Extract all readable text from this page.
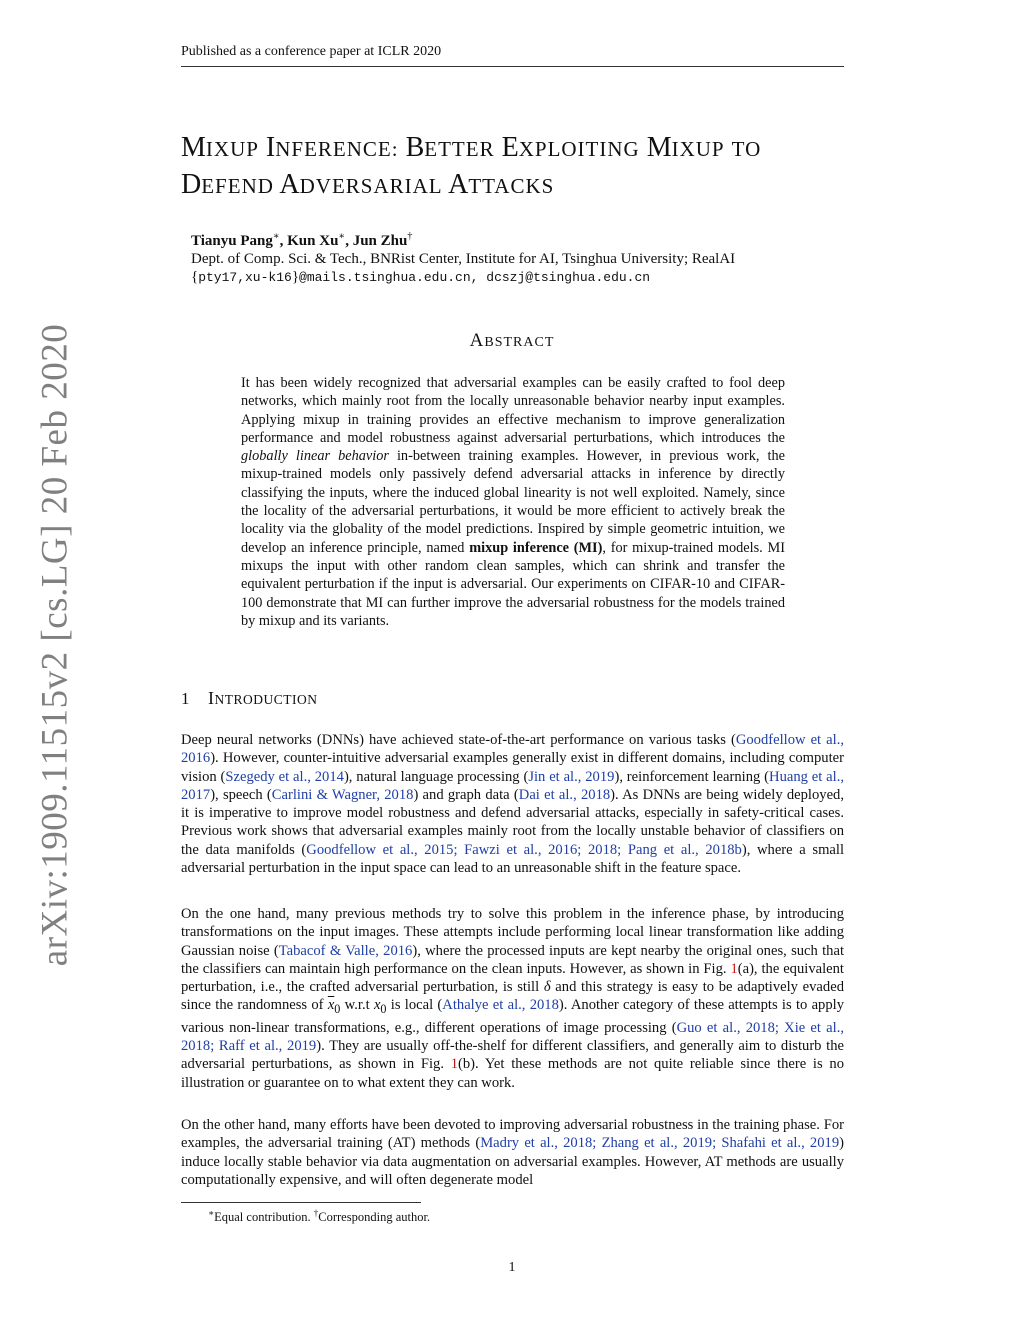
Published as a conference paper at ICLR 2020
arXiv:1909.11515v2 [cs.LG] 20 Feb 2020
MIXUP INFERENCE: BETTER EXPLOITING MIXUP TO
DEFEND ADVERSARIAL ATTACKS
Tianyu Pang∗, Kun Xu∗, Jun Zhu†
Dept. of Comp. Sci. & Tech., BNRist Center, Institute for AI, Tsinghua University; RealAI
{pty17,xu-k16}@mails.tsinghua.edu.cn, dcszj@tsinghua.edu.cn
ABSTRACT
It has been widely recognized that adversarial examples can be easily crafted to fool deep networks, which mainly root from the locally unreasonable behavior nearby input examples. Applying mixup in training provides an effective mechanism to improve generalization performance and model robustness against adversarial perturbations, which introduces the globally linear behavior in-between training examples. However, in previous work, the mixup-trained models only passively defend adversarial attacks in inference by directly classifying the inputs, where the induced global linearity is not well exploited. Namely, since the locality of the adversarial perturbations, it would be more efficient to actively break the locality via the globality of the model predictions. Inspired by simple geometric intuition, we develop an inference principle, named mixup inference (MI), for mixup-trained models. MI mixups the input with other random clean samples, which can shrink and transfer the equivalent perturbation if the input is adversarial. Our experiments on CIFAR-10 and CIFAR-100 demonstrate that MI can further improve the adversarial robustness for the models trained by mixup and its variants.
1 INTRODUCTION
Deep neural networks (DNNs) have achieved state-of-the-art performance on various tasks (Goodfellow et al., 2016). However, counter-intuitive adversarial examples generally exist in different domains, including computer vision (Szegedy et al., 2014), natural language processing (Jin et al., 2019), reinforcement learning (Huang et al., 2017), speech (Carlini & Wagner, 2018) and graph data (Dai et al., 2018). As DNNs are being widely deployed, it is imperative to improve model robustness and defend adversarial attacks, especially in safety-critical cases. Previous work shows that adversarial examples mainly root from the locally unstable behavior of classifiers on the data manifolds (Goodfellow et al., 2015; Fawzi et al., 2016; 2018; Pang et al., 2018b), where a small adversarial perturbation in the input space can lead to an unreasonable shift in the feature space.
On the one hand, many previous methods try to solve this problem in the inference phase, by introducing transformations on the input images. These attempts include performing local linear transformation like adding Gaussian noise (Tabacof & Valle, 2016), where the processed inputs are kept nearby the original ones, such that the classifiers can maintain high performance on the clean inputs. However, as shown in Fig. 1(a), the equivalent perturbation, i.e., the crafted adversarial perturbation, is still δ and this strategy is easy to be adaptively evaded since the randomness of $\overline{x}_0$ w.r.t $x_0$ is local (Athalye et al., 2018). Another category of these attempts is to apply various non-linear transformations, e.g., different operations of image processing (Guo et al., 2018; Xie et al., 2018; Raff et al., 2019). They are usually off-the-shelf for different classifiers, and generally aim to disturb the adversarial perturbations, as shown in Fig. 1(b). Yet these methods are not quite reliable since there is no illustration or guarantee on to what extent they can work.
On the other hand, many efforts have been devoted to improving adversarial robustness in the training phase. For examples, the adversarial training (AT) methods (Madry et al., 2018; Zhang et al., 2019; Shafahi et al., 2019) induce locally stable behavior via data augmentation on adversarial examples. However, AT methods are usually computationally expensive, and will often degenerate model
∗Equal contribution. †Corresponding author.
1
